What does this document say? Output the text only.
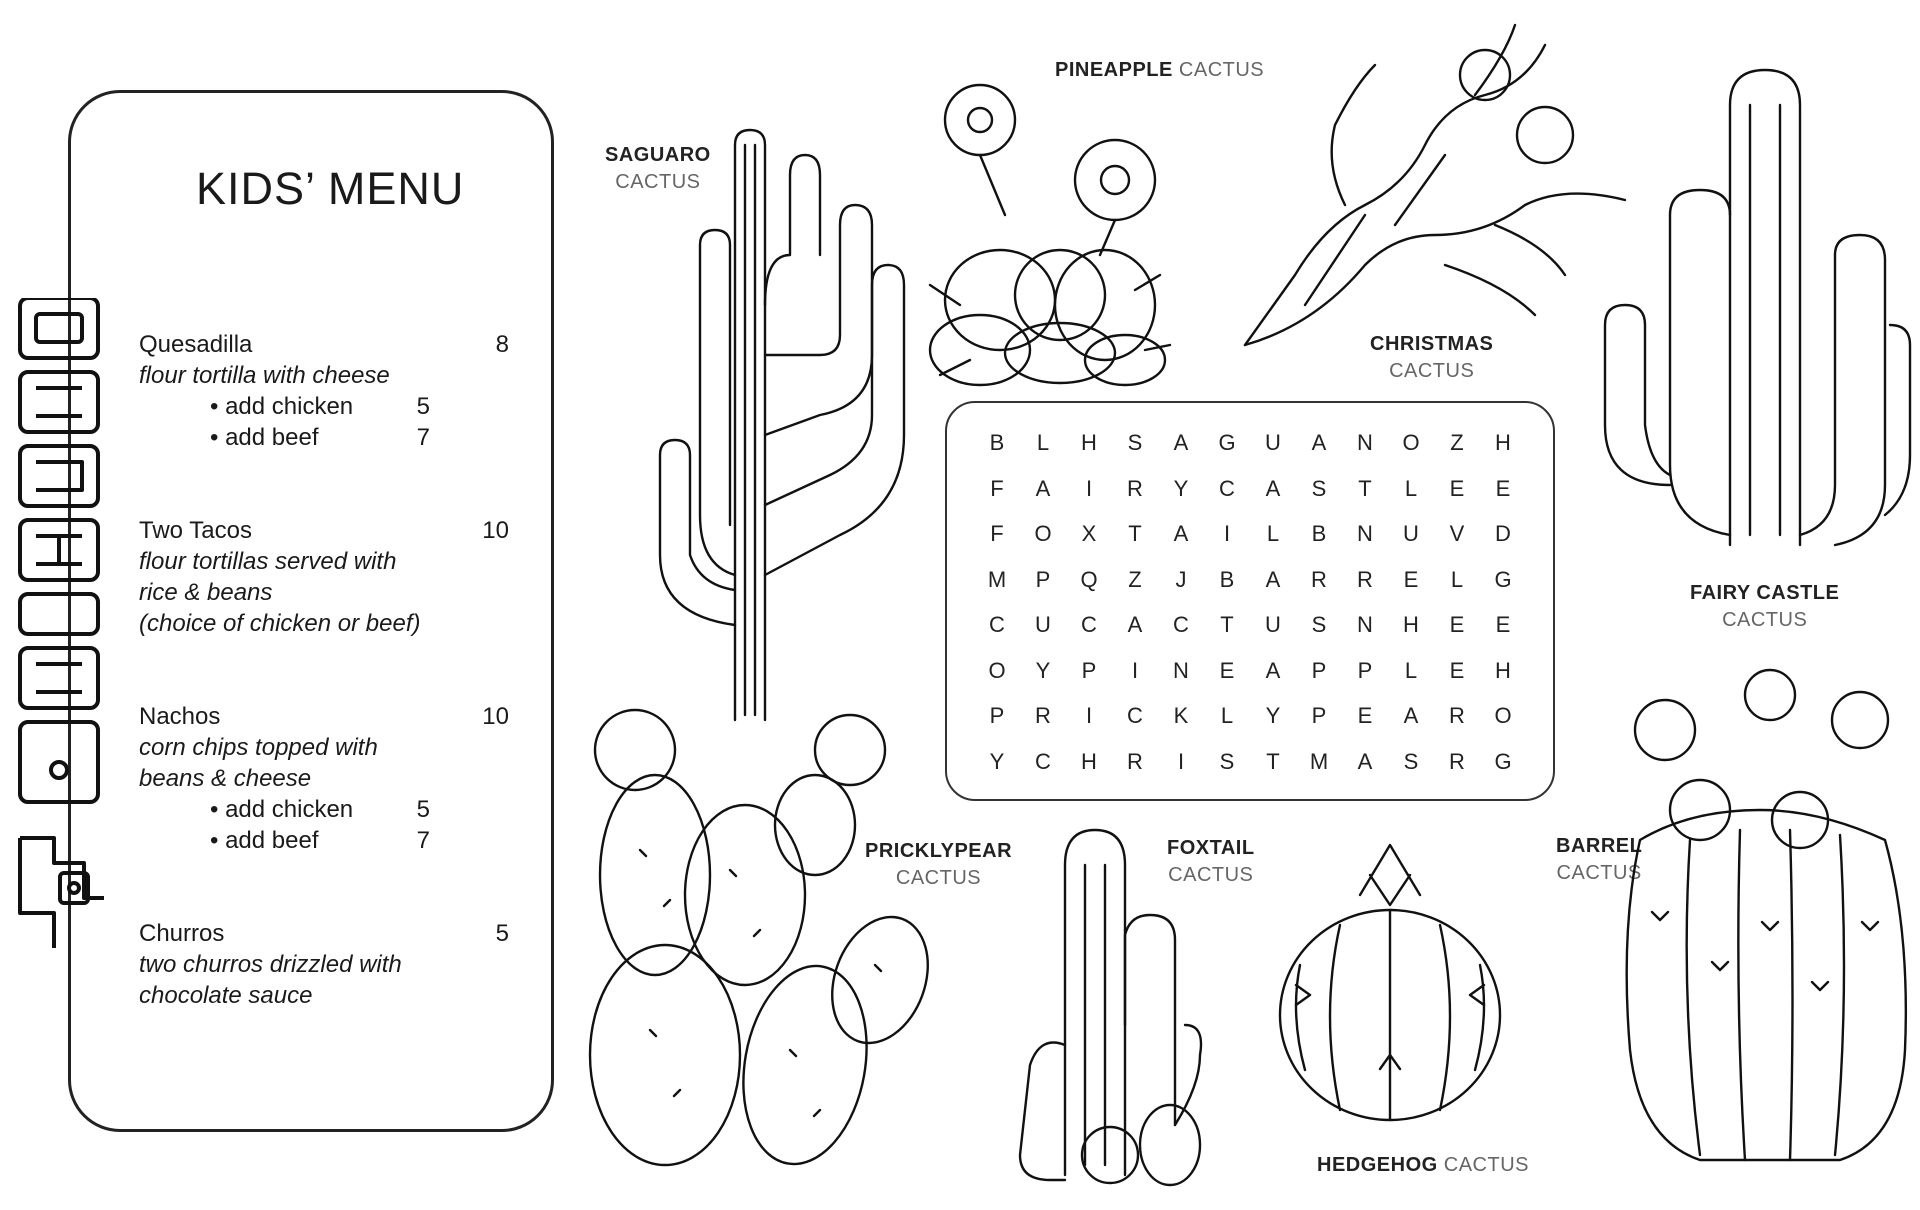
KIDS’ MENU
Quesadilla	8
flour tortilla with cheese
• add chicken	5
• add beef	7
Two Tacos	10
flour tortillas served with
rice & beans
(choice of chicken or beef)
Nachos	10
corn chips topped with
beans & cheese
• add chicken	5
• add beef	7
Churros	5
two churros drizzled with
chocolate sauce
SAGUARO
CACTUS
PINEAPPLE CACTUS
CHRISTMAS
CACTUS
FAIRY CASTLE
CACTUS
PRICKLYPEAR
CACTUS
FOXTAIL
CACTUS
BARREL
CACTUS
HEDGEHOG CACTUS
B	L	H	S	A	G	U	A	N	O	Z	H
F	A	I	R	Y	C	A	S	T	L	E	E
F	O	X	T	A	I	L	B	N	U	V	D
M	P	Q	Z	J	B	A	R	R	E	L	G
C	U	C	A	C	T	U	S	N	H	E	E
O	Y	P	I	N	E	A	P	P	L	E	H
P	R	I	C	K	L	Y	P	E	A	R	O
Y	C	H	R	I	S	T	M	A	S	R	G
